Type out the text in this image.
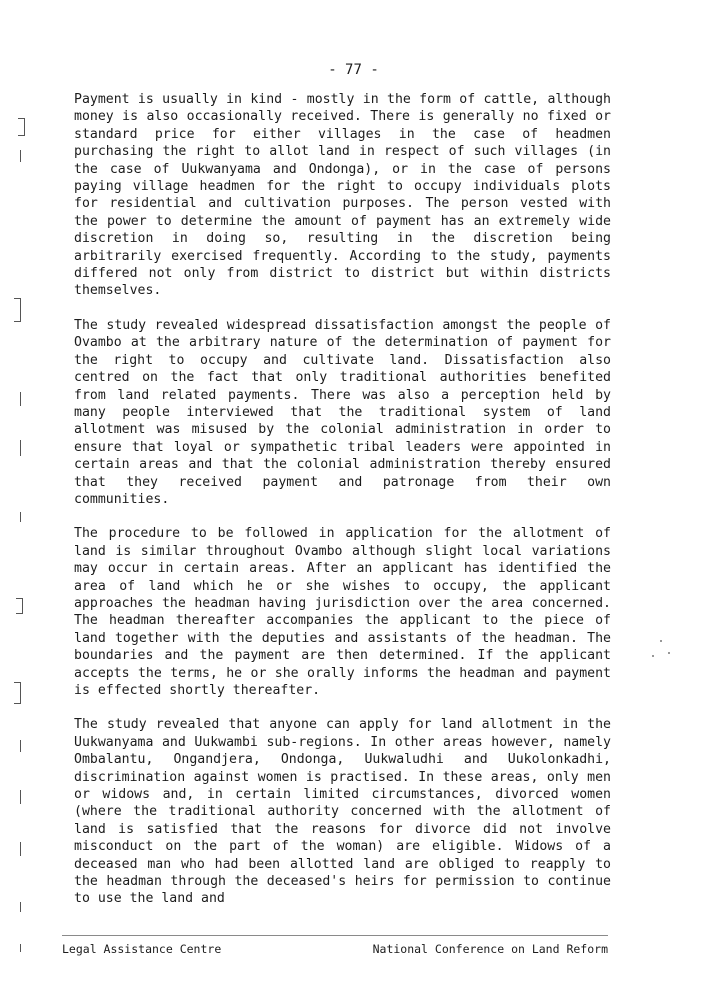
- 77 -

Payment is usually in kind - mostly in the form of cattle, although money is also occasionally received. There is generally no fixed or standard price for either villages in the case of headmen purchasing the right to allot land in respect of such villages (in the case of Uukwanyama and Ondonga), or in the case of persons paying village headmen for the right to occupy individuals plots for residential and cultivation purposes. The person vested with the power to determine the amount of payment has an extremely wide discretion in doing so, resulting in the discretion being arbitrarily exercised frequently. According to the study, payments differed not only from district to district but within districts themselves.

The study revealed widespread dissatisfaction amongst the people of Ovambo at the arbitrary nature of the determination of payment for the right to occupy and cultivate land. Dissatisfaction also centred on the fact that only traditional authorities benefited from land related payments. There was also a perception held by many people interviewed that the traditional system of land allotment was misused by the colonial administration in order to ensure that loyal or sympathetic tribal leaders were appointed in certain areas and that the colonial administration thereby ensured that they received payment and patronage from their own communities.

The procedure to be followed in application for the allotment of land is similar throughout Ovambo although slight local variations may occur in certain areas. After an applicant has identified the area of land which he or she wishes to occupy, the applicant approaches the headman having jurisdiction over the area concerned. The headman thereafter accompanies the applicant to the piece of land together with the deputies and assistants of the headman. The boundaries and the payment are then determined. If the applicant accepts the terms, he or she orally informs the headman and payment is effected shortly thereafter.

The study revealed that anyone can apply for land allotment in the Uukwanyama and Uukwambi sub-regions. In other areas however, namely Ombalantu, Ongandjera, Ondonga, Uukwaludhi and Uukolonkadhi, discrimination against women is practised. In these areas, only men or widows and, in certain limited circumstances, divorced women (where the traditional authority concerned with the allotment of land is satisfied that the reasons for divorce did not involve misconduct on the part of the woman) are eligible. Widows of a deceased man who had been allotted land are obliged to reapply to the headman through the deceased's heirs for permission to continue to use the land and

Legal Assistance Centre	National Conference on Land Reform
